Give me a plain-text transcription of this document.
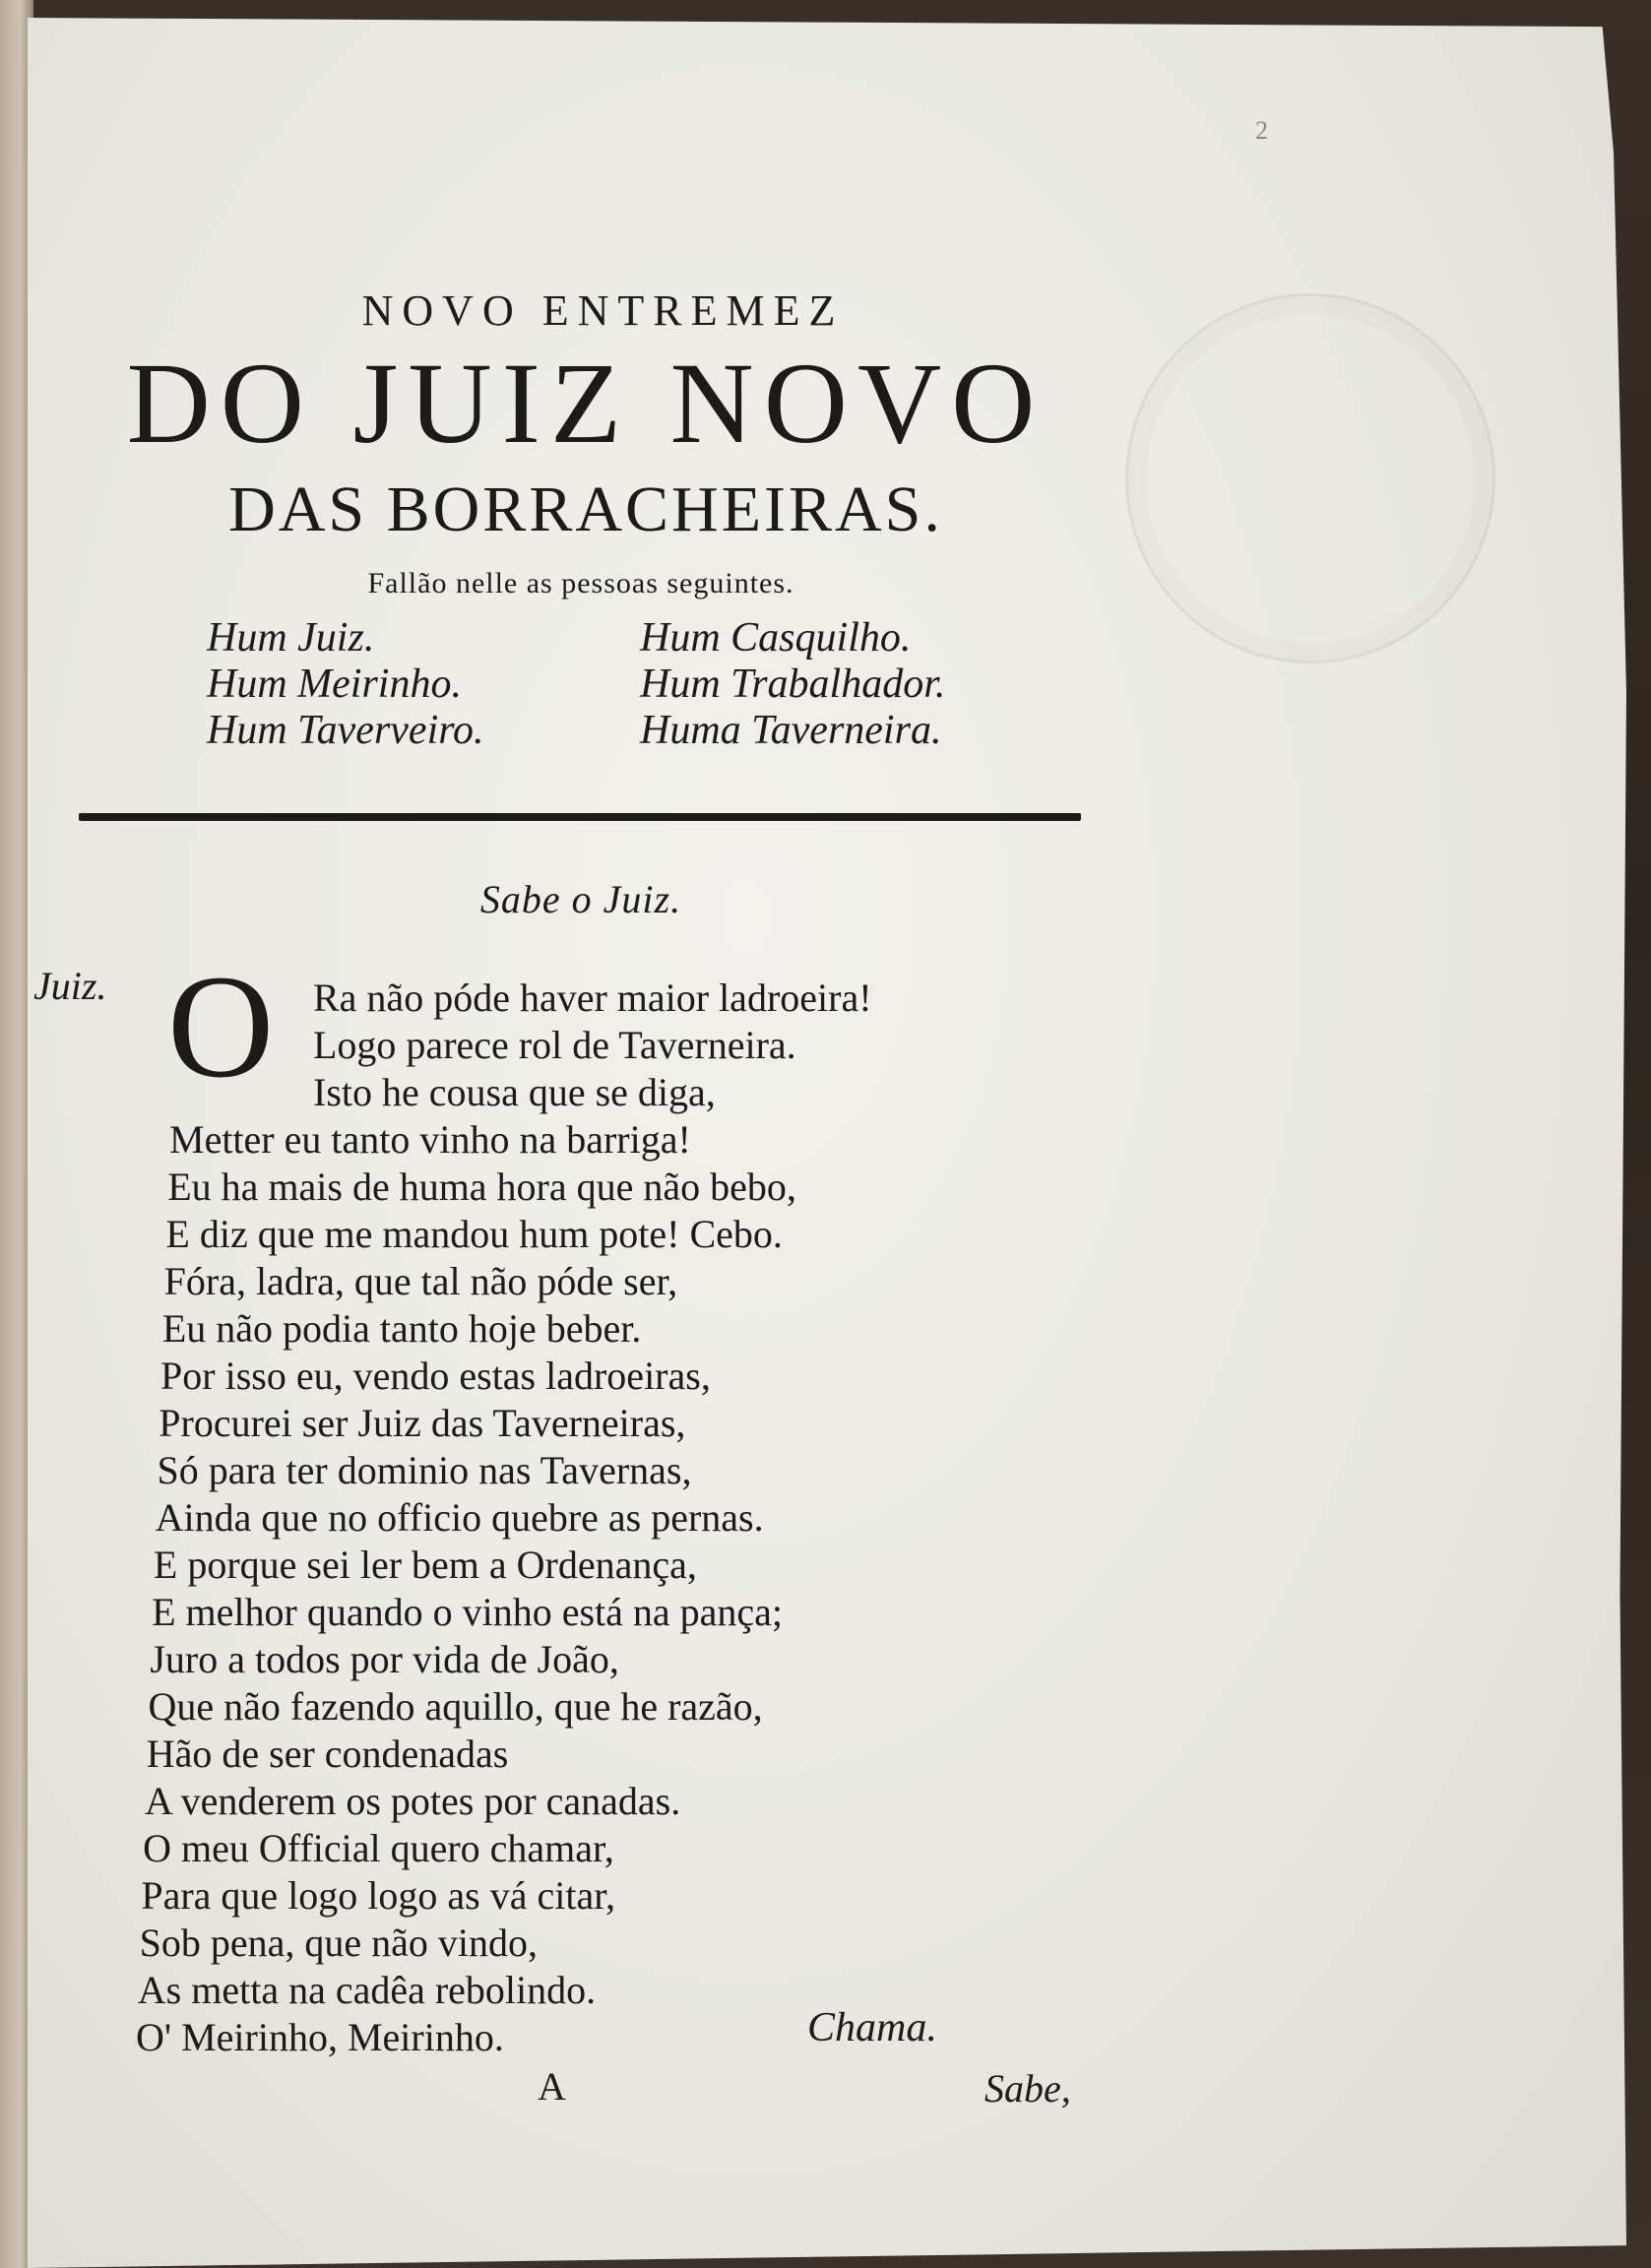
2
NOVO ENTREMEZ
DO JUIZ NOVO
DAS BORRACHEIRAS.
Fallão nelle as pessoas seguintes.
Hum Juiz.
Hum Meirinho.
Hum Taverveiro.
Hum Casquilho.
Hum Trabalhador.
Huma Taverneira.
Sabe o Juiz.
Juiz. O Ra não póde haver maior ladroeira!
Logo parece rol de Taverneira.
Isto he cousa que se diga,
Metter eu tanto vinho na barriga!
Eu ha mais de huma hora que não bebo,
E diz que me mandou hum pote! Cebo.
Fóra, ladra, que tal não póde ser,
Eu não podia tanto hoje beber.
Por isso eu, vendo estas ladroeiras,
Procurei ser Juiz das Taverneiras,
Só para ter dominio nas Tavernas,
Ainda que no officio quebre as pernas.
E porque sei ler bem a Ordenança,
E melhor quando o vinho está na pança;
Juro a todos por vida de João,
Que não fazendo aquillo, que he razão,
Hão de ser condenadas
A venderem os potes por canadas.
O meu Official quero chamar,
Para que logo logo as vá citar,
Sob pena, que não vindo,
As metta na cadêa rebolindo.
O' Meirinho, Meirinho.	Chama.
A	Sabe,
